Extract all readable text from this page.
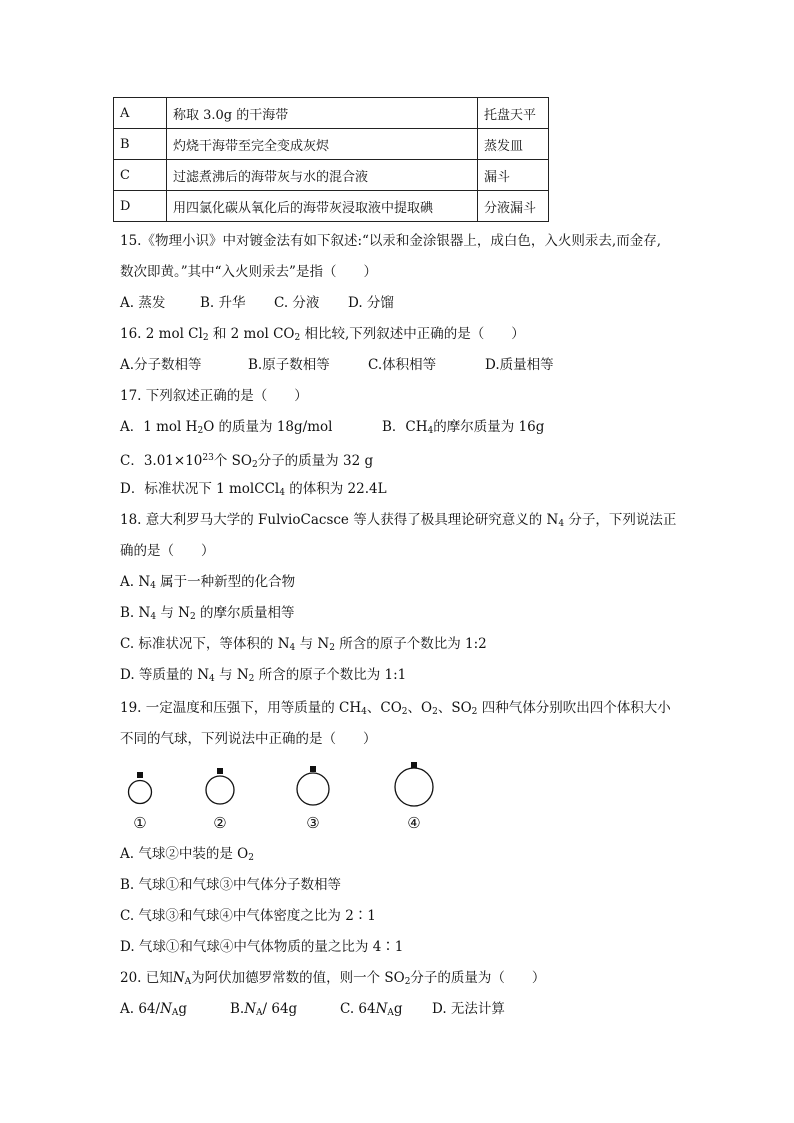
A	称取 3.0g 的干海带	托盘天平
B	灼烧干海带至完全变成灰烬	蒸发皿
C	过滤煮沸后的海带灰与水的混合液	漏斗
D	用四氯化碳从氧化后的海带灰浸取液中提取碘	分液漏斗
15.《物理小识》中对镀金法有如下叙述:“以汞和金涂银器上，成白色，入火则汞去,而金存,
数次即黄。”其中“入火则汞去”是指（　　）
A. 蒸发	B. 升华 C. 分液 D. 分馏
16. 2 mol $Cl_2$ 和 2 mol $CO_2$ 相比较,下列叙述中正确的是（　　）
A.分子数相等	B.原子数相等	C.体积相等	D.质量相等
17. 下列叙述正确的是（　　）
A．1 mol $H_2O$ 的质量为 18g/mol	B．$CH_4$的摩尔质量为 16g
C．$3.01\times 10^{23}$个 $SO_2$分子的质量为 32 g
D．标准状况下 1 molCCl$_4$ 的体积为 22.4L
18. 意大利罗马大学的 FulvioCacsce 等人获得了极具理论研究意义的 $N_4$ 分子，下列说法正
确的是（　　）
A. $N_4$ 属于一种新型的化合物
B. $N_4$ 与 $N_2$ 的摩尔质量相等
C. 标准状况下，等体积的 $N_4$ 与 $N_2$ 所含的原子个数比为 1:2
D. 等质量的 $N_4$ 与 $N_2$ 所含的原子个数比为 1:1
19. 一定温度和压强下，用等质量的 $CH_4$、$CO_2$、$O_2$、$SO_2$ 四种气体分别吹出四个体积大小
不同的气球，下列说法中正确的是（　　）
①	②	③	④
A. 气球②中装的是 $O_2$
B. 气球①和气球③中气体分子数相等
C. 气球③和气球④中气体密度之比为 2∶1
D. 气球①和气球④中气体物质的量之比为 4∶1
20. 已知$N_A$为阿伏加德罗常数的值，则一个 $SO_2$分子的质量为（　　）
A. $64/N_Ag$	$B.N_A/$ 64g	C. $64N_Ag$ D. 无法计算
